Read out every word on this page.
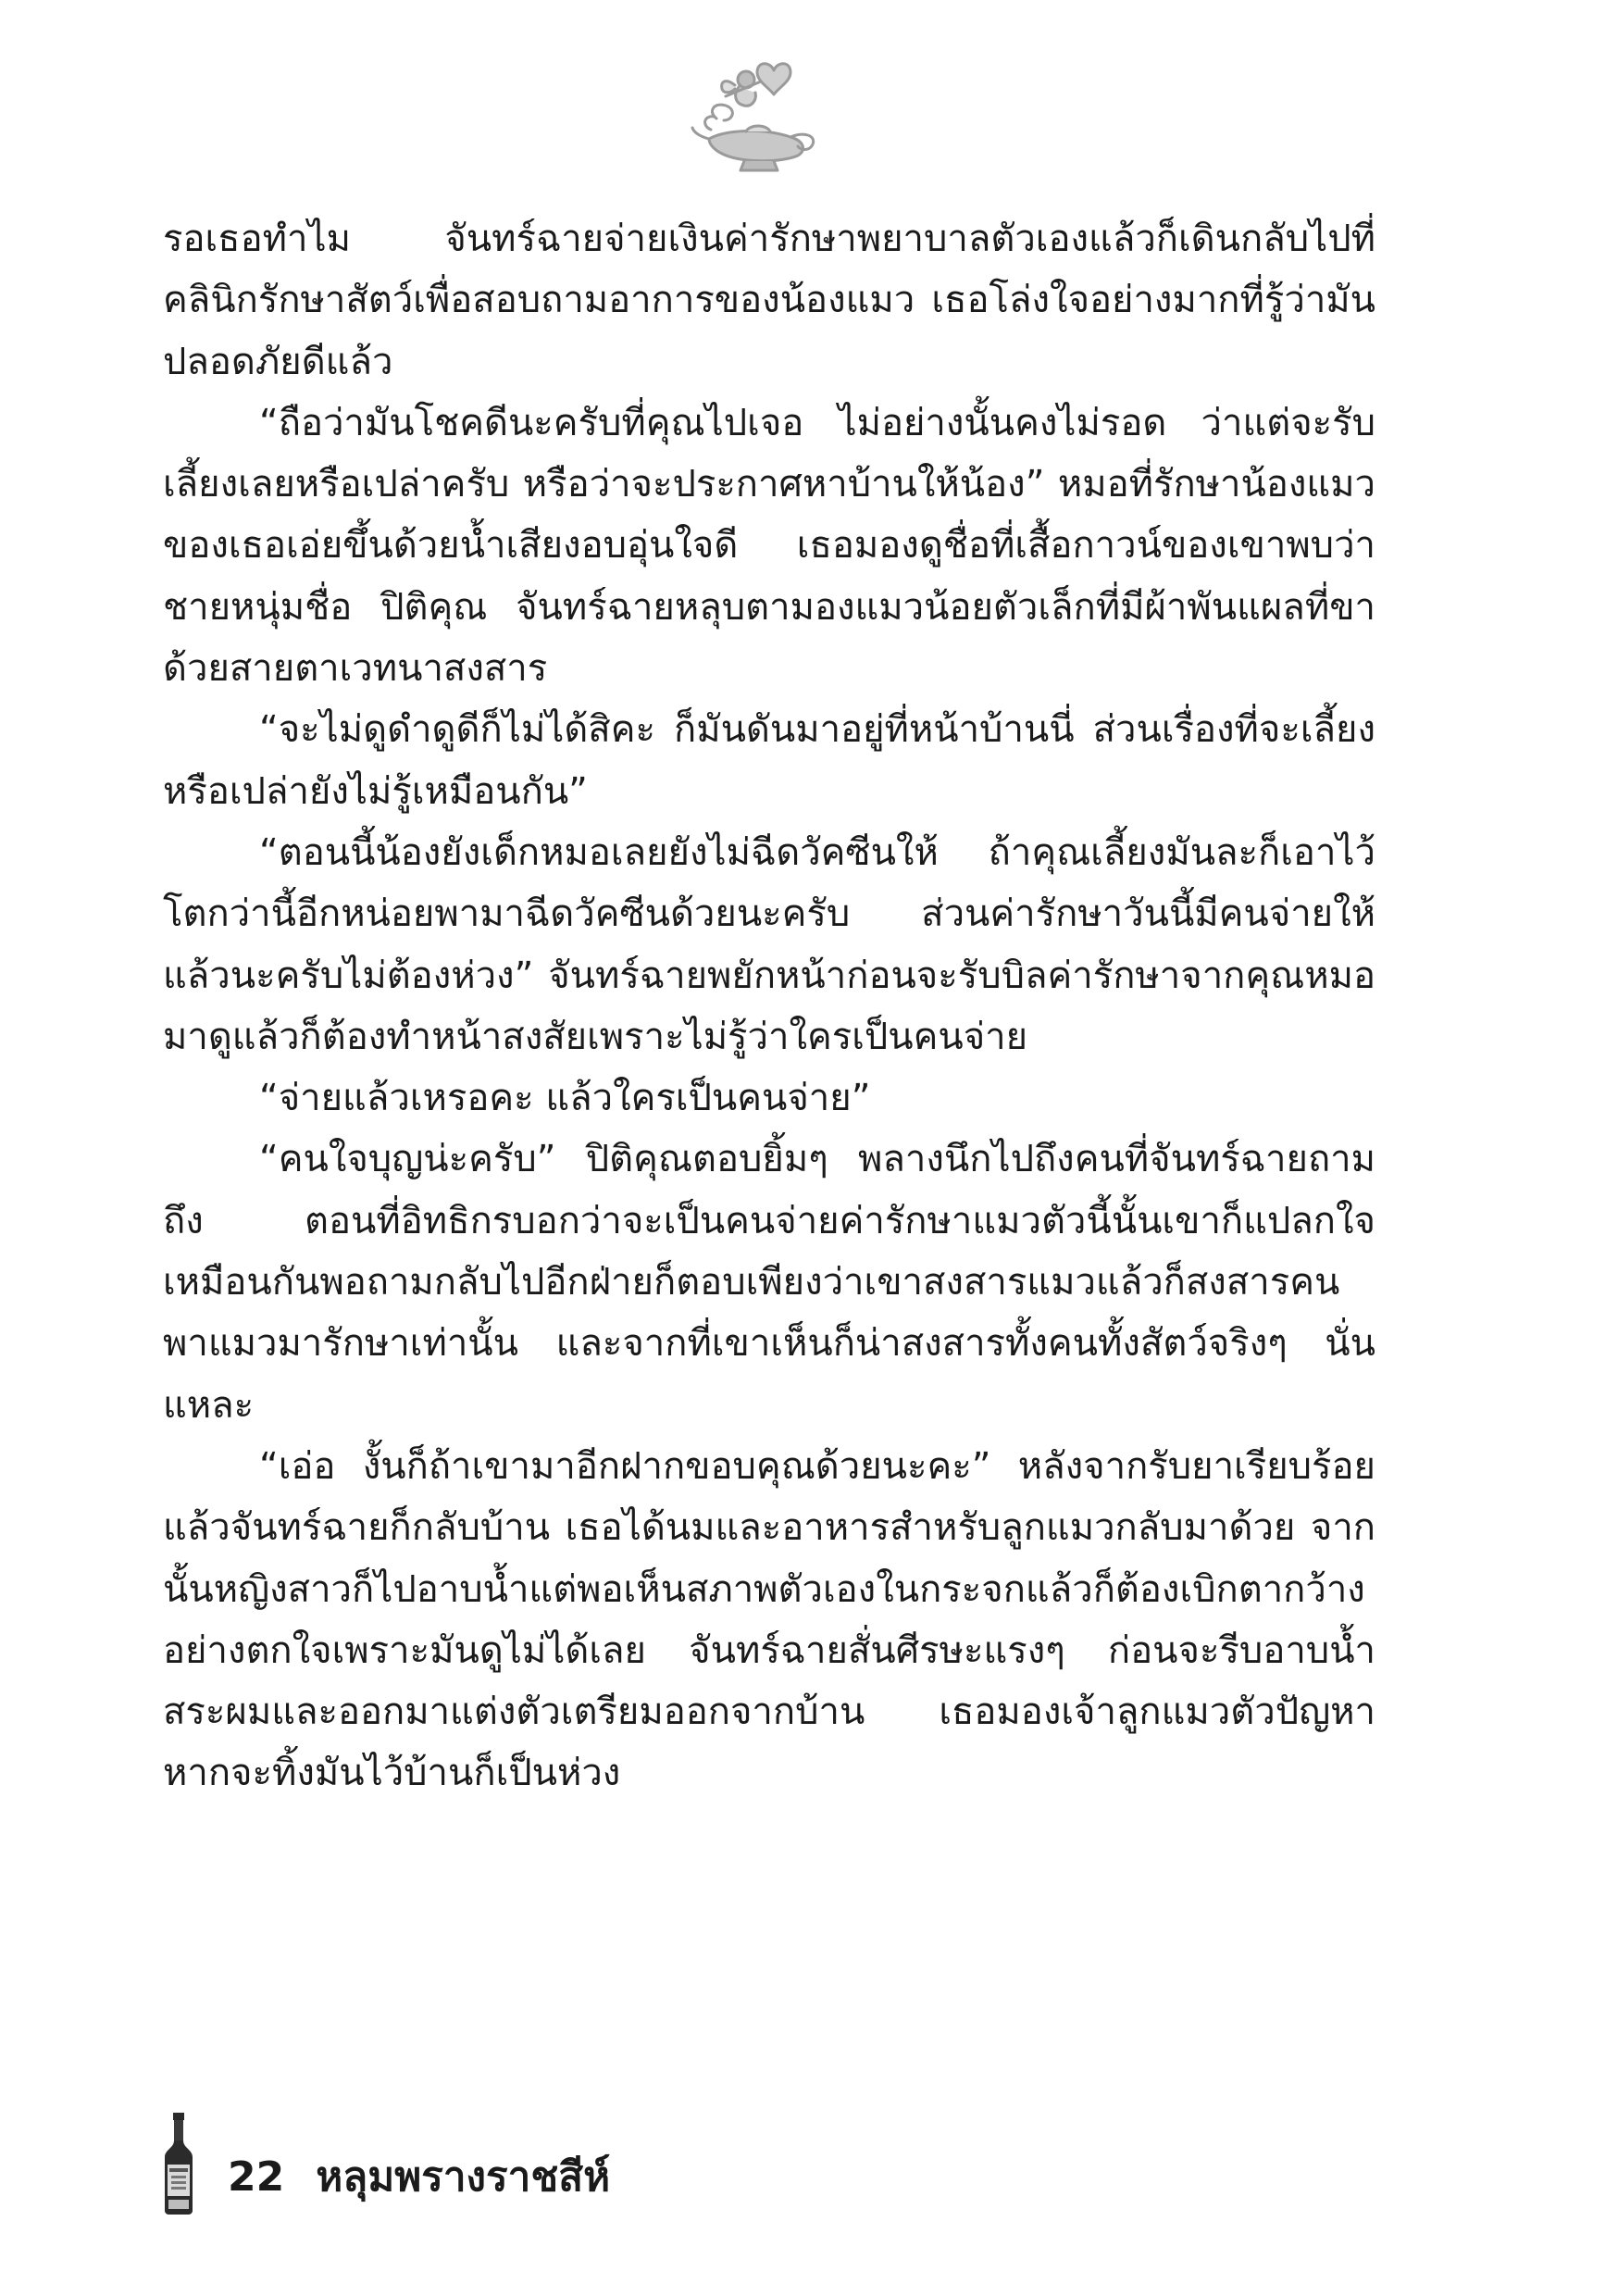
รอเธอทำไม จันทร์ฉายจ่ายเงินค่ารักษาพยาบาลตัวเองแล้วก็เดินกลับไปที่คลินิกรักษาสัตว์เพื่อสอบถามอาการของน้องแมว เธอโล่งใจอย่างมากที่รู้ว่ามันปลอดภัยดีแล้ว

“ถือว่ามันโชคดีนะครับที่คุณไปเจอ ไม่อย่างนั้นคงไม่รอด ว่าแต่จะรับเลี้ยงเลยหรือเปล่าครับ หรือว่าจะประกาศหาบ้านให้น้อง” หมอที่รักษาน้องแมวของเธอเอ่ยขึ้นด้วยน้ำเสียงอบอุ่นใจดี เธอมองดูชื่อที่เสื้อกาวน์ของเขาพบว่าชายหนุ่มชื่อ ปิติคุณ จันทร์ฉายหลุบตามองแมวน้อยตัวเล็กที่มีผ้าพันแผลที่ขาด้วยสายตาเวทนาสงสาร

“จะไม่ดูดำดูดีก็ไม่ได้สิคะ ก็มันดันมาอยู่ที่หน้าบ้านนี่ ส่วนเรื่องที่จะเลี้ยงหรือเปล่ายังไม่รู้เหมือนกัน”

“ตอนนี้น้องยังเด็กหมอเลยยังไม่ฉีดวัคซีนให้ ถ้าคุณเลี้ยงมันละก็เอาไว้โตกว่านี้อีกหน่อยพามาฉีดวัคซีนด้วยนะครับ ส่วนค่ารักษาวันนี้มีคนจ่ายให้แล้วนะครับไม่ต้องห่วง” จันทร์ฉายพยักหน้าก่อนจะรับบิลค่ารักษาจากคุณหมอมาดูแล้วก็ต้องทำหน้าสงสัยเพราะไม่รู้ว่าใครเป็นคนจ่าย

“จ่ายแล้วเหรอคะ แล้วใครเป็นคนจ่าย”

“คนใจบุญน่ะครับ” ปิติคุณตอบยิ้มๆ พลางนึกไปถึงคนที่จันทร์ฉายถามถึง ตอนที่อิทธิกรบอกว่าจะเป็นคนจ่ายค่ารักษาแมวตัวนี้นั้นเขาก็แปลกใจเหมือนกันพอถามกลับไปอีกฝ่ายก็ตอบเพียงว่าเขาสงสารแมวแล้วก็สงสารคนพาแมวมารักษาเท่านั้น และจากที่เขาเห็นก็น่าสงสารทั้งคนทั้งสัตว์จริงๆ นั่นแหละ

“เอ่อ งั้นก็ถ้าเขามาอีกฝากขอบคุณด้วยนะคะ” หลังจากรับยาเรียบร้อยแล้วจันทร์ฉายก็กลับบ้าน เธอได้นมและอาหารสำหรับลูกแมวกลับมาด้วย จากนั้นหญิงสาวก็ไปอาบน้ำแต่พอเห็นสภาพตัวเองในกระจกแล้วก็ต้องเบิกตากว้างอย่างตกใจเพราะมันดูไม่ได้เลย จันทร์ฉายสั่นศีรษะแรงๆ ก่อนจะรีบอาบน้ำสระผมและออกมาแต่งตัวเตรียมออกจากบ้าน เธอมองเจ้าลูกแมวตัวปัญหาหากจะทิ้งมันไว้บ้านก็เป็นห่วง

22 หลุมพรางราชสีห์
